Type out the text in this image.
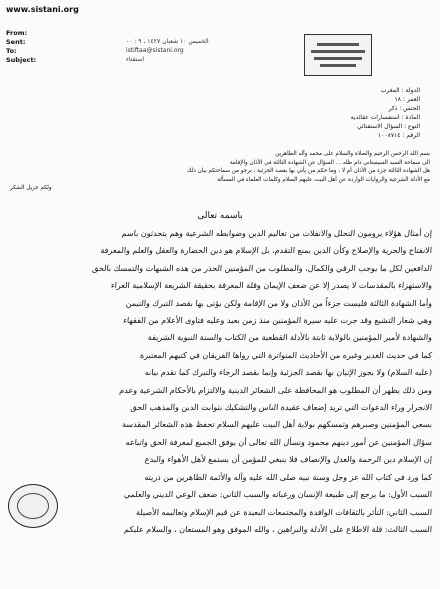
www.sistani.org
From:
Sent:	الخميس ١٠ شعبان ١٤٢٧ ، ٩ : ٠٠
To:	istiftaa@sistani.org
Subject:	استفتاء
الدولة : المغرب
العمر : ١٨
الجنس : ذكر
المادة : استفسارات عقائدية
النوع : السؤال الاستفتائي
الرقم : ١٠٠٨٧١٤
بسم الله الرحمن الرحيم والصلاة والسلام على محمد وآله الطاهرين
الى سماحة السيد السيستاني دام ظله ... السؤال عن الشهادة الثالثة في الأذان والإقامة
هل الشهادة الثالثة جزء من الأذان أم لا ، وما حكم من يأتي بها بقصد الجزئية ، نرجو من سماحتكم بيان ذلك
مع الأدلة الشرعية والروايات الواردة عن أهل البيت عليهم السلام وكلمات العلماء في المسألة
ولكم جزيل الشكر
باسمه تعالى
إن أمثال هؤلاء يرومون التحلل والانفلات من تعاليم الدين وضوابطه الشرعية وهم يتحدثون باسم
الانفتاح والحرية والإصلاح وكأن الدين يمنع التقدم، بل الإسلام هو دين الحضارة والعقل والعلم والمعرفة
الدافعين لكل ما يوجب الرقي والكمال، والمطلوب من المؤمنين الحذر من هذه الشبهات والتمسك بالحق
والاستهزاء بالمقدسات لا يصدر إلا عن ضعف الإيمان وقلة المعرفة بحقيقة الشريعة الإسلامية الغراء
وأما الشهادة الثالثة فليست جزءاً من الأذان ولا من الإقامة ولكن يؤتى بها بقصد التبرك والتيمن
وهي شعار التشيع وقد جرت عليه سيرة المؤمنين منذ زمن بعيد وعليه فتاوى الأعلام من الفقهاء
والشهادة لأمير المؤمنين بالولاية ثابتة بالأدلة القطعية من الكتاب والسنة النبوية الشريفة
كما في حديث الغدير وغيره من الأحاديث المتواترة التي رواها الفريقان في كتبهم المعتبرة
(عليه السلام) ولا يجوز الإتيان بها بقصد الجزئية وإنما بقصد الرجاء والتبرك كما تقدم بيانه
ومن ذلك يظهر أن المطلوب هو المحافظة على الشعائر الدينية والالتزام بالأحكام الشرعية وعدم
الانجرار وراء الدعوات التي تريد إضعاف عقيدة الناس والتشكيك بثوابت الدين والمذهب الحق
بسعي المؤمنين وصبرهم وتمسكهم بولاية أهل البيت عليهم السلام تحفظ هذه الشعائر المقدسة
سؤال المؤمنين عن أمور دينهم محمود ونسأل الله تعالى أن يوفق الجميع لمعرفة الحق واتباعه
إن الإسلام دين الرحمة والعدل والإنصاف فلا ينبغي للمؤمن أن يستمع لأهل الأهواء والبدع
كما ورد في كتاب الله عز وجل وسنة نبيه صلى الله عليه وآله والأئمة الطاهرين من ذريته
السبب الأول: ما يرجع إلى طبيعة الإنسان ورغباته والسبب الثاني: ضعف الوعي الديني والعلمي
السبب الثاني: التأثر بالثقافات الوافدة والمجتمعات البعيدة عن قيم الإسلام وتعاليمه الأصيلة
السبب الثالث: قلة الاطلاع على الأدلة والبراهين ، والله الموفق وهو المستعان ، والسلام عليكم
